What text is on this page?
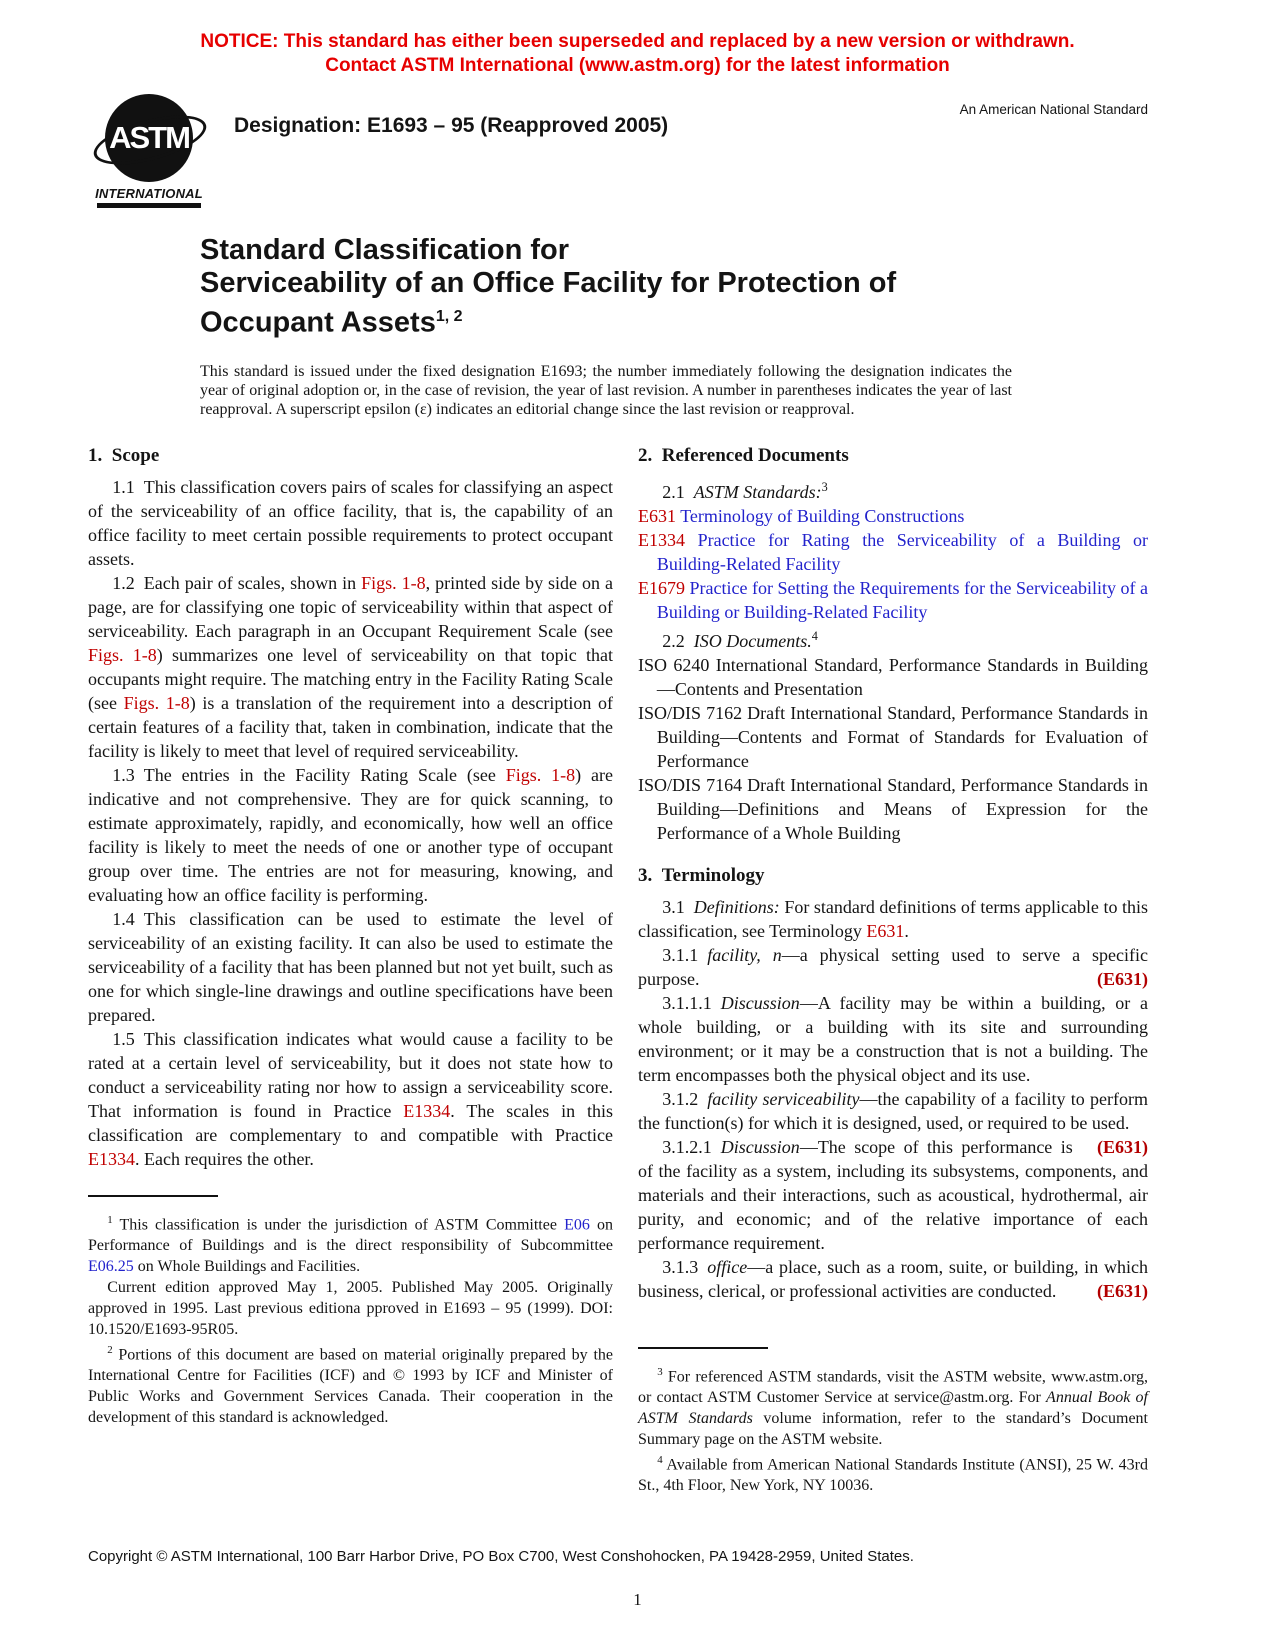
NOTICE: This standard has either been superseded and replaced by a new version or withdrawn.
Contact ASTM International (www.astm.org) for the latest information
ASTM
INTERNATIONAL
Designation: E1693 – 95 (Reapproved 2005)
An American National Standard
Standard Classification for
Serviceability of an Office Facility for Protection of
Occupant Assets$^{1, 2}$
This standard is issued under the fixed designation E1693; the number immediately following the designation indicates the year of original adoption or, in the case of revision, the year of last revision. A number in parentheses indicates the year of last reapproval. A superscript epsilon (ε) indicates an editorial change since the last revision or reapproval.
1. Scope
1.1 This classification covers pairs of scales for classifying an aspect of the serviceability of an office facility, that is, the capability of an office facility to meet certain possible requirements to protect occupant assets.
1.2 Each pair of scales, shown in Figs. 1-8, printed side by side on a page, are for classifying one topic of serviceability within that aspect of serviceability. Each paragraph in an Occupant Requirement Scale (see Figs. 1-8) summarizes one level of serviceability on that topic that occupants might require. The matching entry in the Facility Rating Scale (see Figs. 1-8) is a translation of the requirement into a description of certain features of a facility that, taken in combination, indicate that the facility is likely to meet that level of required serviceability.
1.3 The entries in the Facility Rating Scale (see Figs. 1-8) are indicative and not comprehensive. They are for quick scanning, to estimate approximately, rapidly, and economically, how well an office facility is likely to meet the needs of one or another type of occupant group over time. The entries are not for measuring, knowing, and evaluating how an office facility is performing.
1.4 This classification can be used to estimate the level of serviceability of an existing facility. It can also be used to estimate the serviceability of a facility that has been planned but not yet built, such as one for which single-line drawings and outline specifications have been prepared.
1.5 This classification indicates what would cause a facility to be rated at a certain level of serviceability, but it does not state how to conduct a serviceability rating nor how to assign a serviceability score. That information is found in Practice E1334. The scales in this classification are complementary to and compatible with Practice E1334. Each requires the other.
$^1$ This classification is under the jurisdiction of ASTM Committee E06 on Performance of Buildings and is the direct responsibility of Subcommittee E06.25 on Whole Buildings and Facilities.
Current edition approved May 1, 2005. Published May 2005. Originally approved in 1995. Last previous editiona pproved in E1693 – 95 (1999). DOI: 10.1520/E1693-95R05.
$^2$ Portions of this document are based on material originally prepared by the International Centre for Facilities (ICF) and © 1993 by ICF and Minister of Public Works and Government Services Canada. Their cooperation in the development of this standard is acknowledged.
2. Referenced Documents
2.1 ASTM Standards:$^3$
E631 Terminology of Building Constructions
E1334 Practice for Rating the Serviceability of a Building or Building-Related Facility
E1679 Practice for Setting the Requirements for the Serviceability of a Building or Building-Related Facility
2.2 ISO Documents.$^4$
ISO 6240 International Standard, Performance Standards in Building—Contents and Presentation
ISO/DIS 7162 Draft International Standard, Performance Standards in Building—Contents and Format of Standards for Evaluation of Performance
ISO/DIS 7164 Draft International Standard, Performance Standards in Building—Definitions and Means of Expression for the Performance of a Whole Building
3. Terminology
3.1 Definitions: For standard definitions of terms applicable to this classification, see Terminology E631.
3.1.1 facility, n—a physical setting used to serve a specific purpose.	(E631)
3.1.1.1 Discussion—A facility may be within a building, or a whole building, or a building with its site and surrounding environment; or it may be a construction that is not a building. The term encompasses both the physical object and its use.
3.1.2 facility serviceability—the capability of a facility to perform the function(s) for which it is designed, used, or required to be used.
(E631)
3.1.2.1 Discussion—The scope of this performance is of the facility as a system, including its subsystems, components, and materials and their interactions, such as acoustical, hydrothermal, air purity, and economic; and of the relative importance of each performance requirement.
3.1.3 office—a place, such as a room, suite, or building, in which business, clerical, or professional activities are conducted.	(E631)
$^3$ For referenced ASTM standards, visit the ASTM website, www.astm.org, or contact ASTM Customer Service at service@astm.org. For Annual Book of ASTM Standards volume information, refer to the standard’s Document Summary page on the ASTM website.
$^4$ Available from American National Standards Institute (ANSI), 25 W. 43rd St., 4th Floor, New York, NY 10036.
Copyright © ASTM International, 100 Barr Harbor Drive, PO Box C700, West Conshohocken, PA 19428-2959, United States.
1
